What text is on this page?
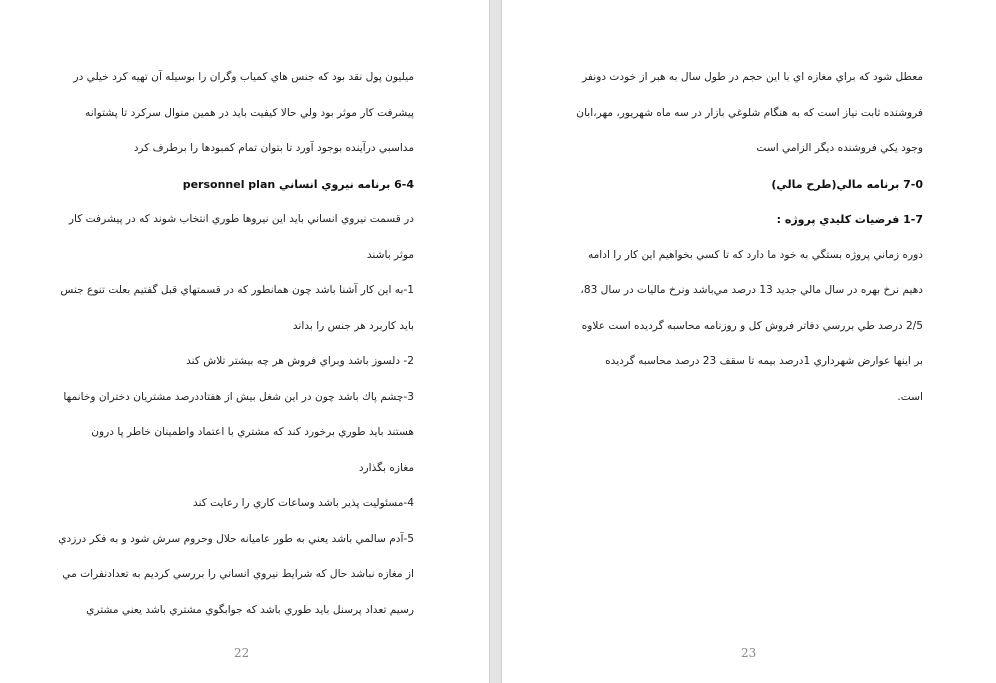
ميليون پول نقد بود كه جنس هاي كمياب وگران را بوسيله آن تهيه كرد خيلي در
پيشرفت كار موثر بود ولي حالا كيفيت بايد در همين منوال سركرد تا پشتوانه
مداسبي درآينده بوجود آورد تا بتوان تمام كمبودها را برطرف كرد
6-4 برنامه نيروي انساني personnel plan
در قسمت نيروي انساني بايد اين نيروها طوري انتخاب شوند كه در پيشرفت كار
موثر باشند
1-به اين كار آشنا باشد چون همانطور كه در قسمتهاي قبل گفتيم بعلت تنوع جنس
بايد كاربرد هر جنس را بداند
2- دلسوز باشد وبراي فروش هر چه بيشتر تلاش كند
3-چشم پاك باشد چون در اين شغل بيش از هفتاددرصد مشتريان دختران وخانمها
هستند بايد طوري برخورد كند كه مشتري با اعتماد واطمينان خاطر پا درون
مغازه بگذارد
4-مسئوليت پذير باشد وساعات كاري را رعايت كند
5-آدم سالمي باشد يعني به طور عاميانه حلال وحروم سرش شود و به فكر درزدي
از مغازه نباشد حال كه شرايط نيروي انساني را بررسي كرديم به تعدادنفرات مي
رسيم تعداد پرسنل بايد طوري باشد كه جوابگوي مشتري باشد يعني مشتري
22
معطل شود كه براي مغازه اي با اين حجم در طول سال به هبر از خودت دونفر
فروشنده ثابت نياز است كه به هنگام شلوغي بازار در سه ماه شهريور، مهر،ابان
وجود يكي فروشنده ديگر الزامي است
7-0 برنامه مالي(طرح مالي)
1-7 فرضيات كليدي پروژه :
دوره زماني پروژه بستگي به خود ما دارد كه تا كسي بخواهيم اين كار را ادامه
دهيم نرخ بهره در سال مالي جديد 13 درصد مي‌باشد ونرخ ماليات در سال 83،
2/5 درصد طي بررسي دفاتر فروش كل و روزنامه محاسبه گرديده است علاوه
بر اينها عوارض شهرداري 1درصد بيمه تا سقف 23 درصد محاسبه گرديده
است.
23
